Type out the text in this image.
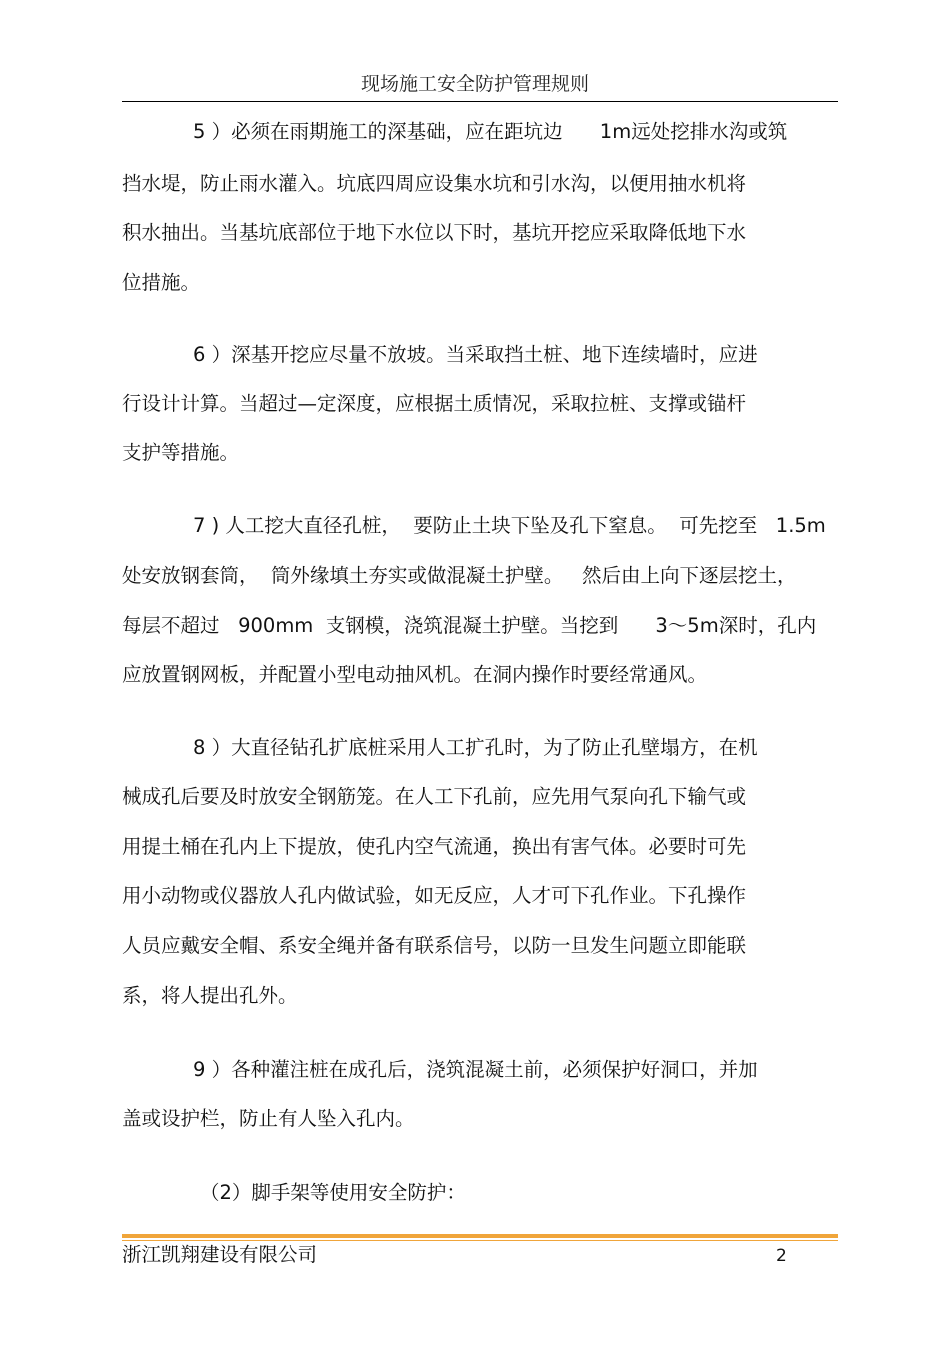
现场施工安全防护管理规则
5 ）必须在雨期施工的深基础，应在距坑边      1m远处挖排水沟或筑
挡水堤，防止雨水灌入。坑底四周应设集水坑和引水沟，以便用抽水机将
积水抽出。当基坑底部位于地下水位以下时，基坑开挖应采取降低地下水
位措施。
6 ）深基开挖应尽量不放坡。当采取挡土桩、地下连续墙时，应进
行设计计算。当超过—定深度，应根据土质情况，采取拉桩、支撑或锚杆
支护等措施。
7 ) 人工挖大直径孔桩，  要防止土块下坠及孔下窒息。  可先挖至   1.5m
处安放钢套筒，  筒外缘填土夯实或做混凝土护壁。   然后由上向下逐层挖土，
每层不超过   900mm  支钢模，浇筑混凝土护壁。当挖到      3～5m深时，孔内
应放置钢网板，并配置小型电动抽风机。在洞内操作时要经常通风。
8 ）大直径钻孔扩底桩采用人工扩孔时，为了防止孔壁塌方，在机
械成孔后要及时放安全钢筋笼。在人工下孔前，应先用气泵向孔下输气或
用提土桶在孔内上下提放，使孔内空气流通，换出有害气体。必要时可先
用小动物或仪器放人孔内做试验，如无反应，人才可下孔作业。下孔操作
人员应戴安全帽、系安全绳并备有联系信号，以防一旦发生问题立即能联
系，将人提出孔外。
9 ）各种灌注桩在成孔后，浇筑混凝土前，必须保护好洞口，并加
盖或设护栏，防止有人坠入孔内。
（2）脚手架等使用安全防护：
浙江凯翔建设有限公司	2
